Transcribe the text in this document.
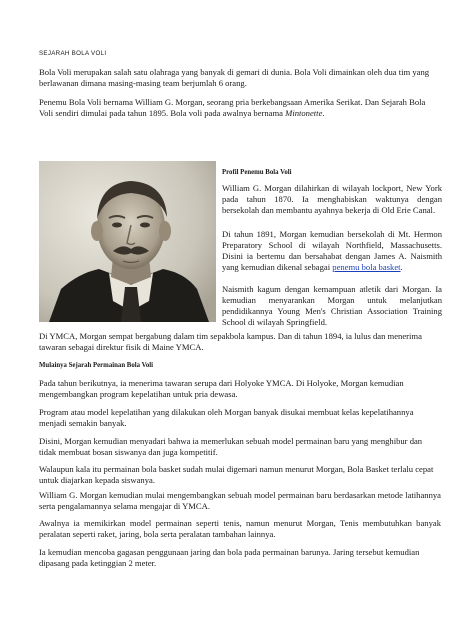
SEJARAH BOLA VOLI

Bola Voli merupakan salah satu olahraga yang banyak di gemari di dunia. Bola Voli dimainkan oleh dua tim yang berlawanan dimana masing-masing team berjumlah 6 orang.

Penemu Bola Voli bernama William G. Morgan, seorang pria berkebangsaan Amerika Serikat. Dan Sejarah Bola Voli sendiri dimulai pada tahun 1895. Bola voli pada awalnya bernama Mintonette.

Profil Penemu Bola Voli

William G. Morgan dilahirkan di wilayah lockport, New York pada tahun 1870. Ia menghabiskan waktunya dengan bersekolah dan membantu ayahnya bekerja di Old Erie Canal.

Di tahun 1891, Morgan kemudian bersekolah di Mt. Hermon Preparatory School di wilayah Northfield, Massachusetts. Disini ia bertemu dan bersahabat dengan James A. Naismith yang kemudian dikenal sebagai penemu bola basket.

Naismith kagum dengan kemampuan atletik dari Morgan. Ia kemudian menyarankan Morgan untuk melanjutkan pendidikannya Young Men's Christian Association Training School di wilayah Springfield.

Di YMCA, Morgan sempat bergabung dalam tim sepakbola kampus. Dan di tahun 1894, ia lulus dan menerima tawaran sebagai direktur fisik di Maine YMCA.

Mulainya Sejarah Permainan Bola Voli

Pada tahun berikutnya, ia menerima tawaran serupa dari Holyoke YMCA. Di Holyoke, Morgan kemudian mengembangkan program kepelatihan untuk pria dewasa.

Program atau model kepelatihan yang dilakukan oleh Morgan banyak disukai membuat kelas kepelatihannya menjadi semakin banyak.

Disini, Morgan kemudian menyadari bahwa ia memerlukan sebuah model permainan baru yang menghibur dan tidak membuat bosan siswanya dan juga kompetitif.

Walaupun kala itu permainan bola basket sudah mulai digemari namun menurut Morgan, Bola Basket terlalu cepat untuk diajarkan kepada siswanya.

William G. Morgan kemudian mulai mengembangkan sebuah model permainan baru berdasarkan metode latihannya serta pengalamannya selama mengajar di YMCA.

Awalnya ia memikirkan model permainan seperti tenis, namun menurut Morgan, Tenis membutuhkan banyak peralatan seperti raket, jaring, bola serta peralatan tambahan lainnya.

Ia kemudian mencoba gagasan penggunaan jaring dan bola pada permainan barunya. Jaring tersebut kemudian dipasang pada ketinggian 2 meter.
